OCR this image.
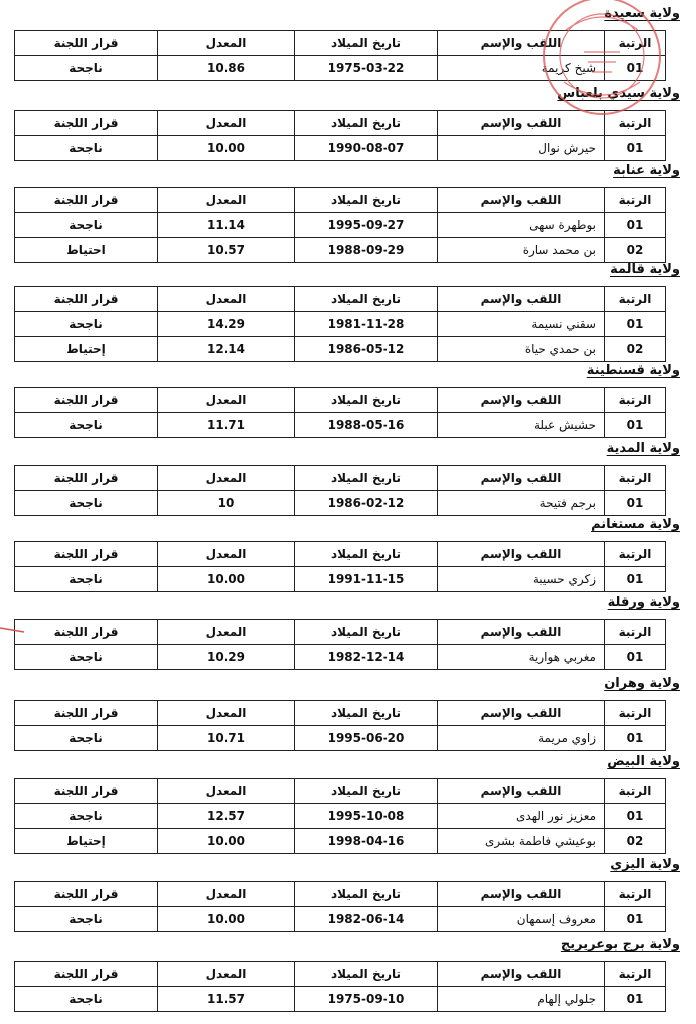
ولاية سعيدة
الرتبة	اللقب والإسم	تاريخ الميلاد	المعدل	قرار اللجنة
01	شيخ كريمة	1975-03-22	10.86	ناجحة
ولاية سيدي بلعباس
الرتبة	اللقب والإسم	تاريخ الميلاد	المعدل	قرار اللجنة
01	حيرش نوال	1990-08-07	10.00	ناجحة
ولاية عنابة
الرتبة	اللقب والإسم	تاريخ الميلاد	المعدل	قرار اللجنة
01	بوطهرة سهى	1995-09-27	11.14	ناجحة
02	بن محمد سارة	1988-09-29	10.57	احتياط
ولاية قالمة
الرتبة	اللقب والإسم	تاريخ الميلاد	المعدل	قرار اللجنة
01	سقني نسيمة	1981-11-28	14.29	ناجحة
02	بن حمدي حياة	1986-05-12	12.14	إحتياط
ولاية قسنطينة
الرتبة	اللقب والإسم	تاريخ الميلاد	المعدل	قرار اللجنة
01	حشيش عبلة	1988-05-16	11.71	ناجحة
ولاية المدية
الرتبة	اللقب والإسم	تاريخ الميلاد	المعدل	قرار اللجنة
01	برجم فتيحة	1986-02-12	10	ناجحة
ولاية مستغانم
الرتبة	اللقب والإسم	تاريخ الميلاد	المعدل	قرار اللجنة
01	زكري حسيبة	1991-11-15	10.00	ناجحة
ولاية ورقلة
الرتبة	اللقب والإسم	تاريخ الميلاد	المعدل	قرار اللجنة
01	مغربي هوارية	1982-12-14	10.29	ناجحة
ولاية وهران
الرتبة	اللقب والإسم	تاريخ الميلاد	المعدل	قرار اللجنة
01	زاوي مريمة	1995-06-20	10.71	ناجحة
ولاية البيض
الرتبة	اللقب والإسم	تاريخ الميلاد	المعدل	قرار اللجنة
01	معزيز نور الهدى	1995-10-08	12.57	ناجحة
02	بوعيشي فاطمة بشرى	1998-04-16	10.00	إحتياط
ولاية اليزي
الرتبة	اللقب والإسم	تاريخ الميلاد	المعدل	قرار اللجنة
01	معروف إسمهان	1982-06-14	10.00	ناجحة
ولاية برج بوعريريج
الرتبة	اللقب والإسم	تاريخ الميلاد	المعدل	قرار اللجنة
01	جلولي إلهام	1975-09-10	11.57	ناجحة
